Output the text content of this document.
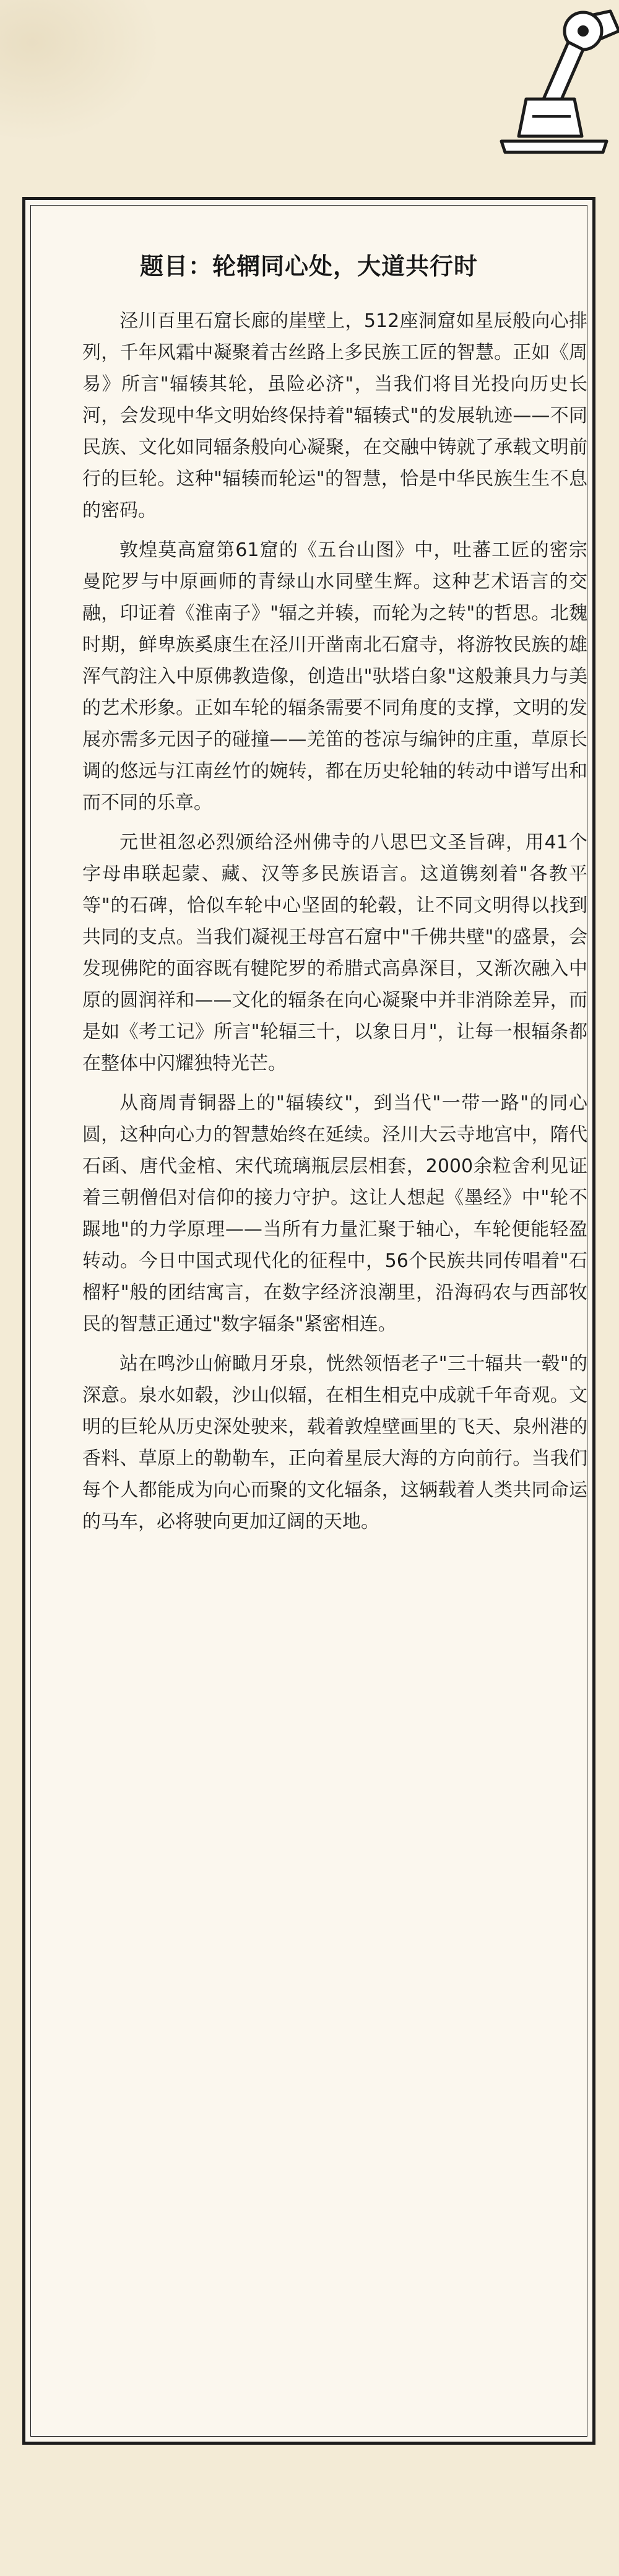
题目：轮辋同心处，大道共行时

泾川百里石窟长廊的崖壁上，512座洞窟如星辰般向心排列，千年风霜中凝聚着古丝路上多民族工匠的智慧。正如《周易》所言"辐辏其轮，虽险必济"，当我们将目光投向历史长河，会发现中华文明始终保持着"辐辏式"的发展轨迹——不同民族、文化如同辐条般向心凝聚，在交融中铸就了承载文明前行的巨轮。这种"辐辏而轮运"的智慧，恰是中华民族生生不息的密码。

敦煌莫高窟第61窟的《五台山图》中，吐蕃工匠的密宗曼陀罗与中原画师的青绿山水同壁生辉。这种艺术语言的交融，印证着《淮南子》"辐之并辏，而轮为之转"的哲思。北魏时期，鲜卑族奚康生在泾川开凿南北石窟寺，将游牧民族的雄浑气韵注入中原佛教造像，创造出"驮塔白象"这般兼具力与美的艺术形象。正如车轮的辐条需要不同角度的支撑，文明的发展亦需多元因子的碰撞——羌笛的苍凉与编钟的庄重，草原长调的悠远与江南丝竹的婉转，都在历史轮轴的转动中谱写出和而不同的乐章。

元世祖忽必烈颁给泾州佛寺的八思巴文圣旨碑，用41个字母串联起蒙、藏、汉等多民族语言。这道镌刻着"各教平等"的石碑，恰似车轮中心坚固的轮毂，让不同文明得以找到共同的支点。当我们凝视王母宫石窟中"千佛共壁"的盛景，会发现佛陀的面容既有犍陀罗的希腊式高鼻深目，又渐次融入中原的圆润祥和——文化的辐条在向心凝聚中并非消除差异，而是如《考工记》所言"轮辐三十，以象日月"，让每一根辐条都在整体中闪耀独特光芒。

从商周青铜器上的"辐辏纹"，到当代"一带一路"的同心圆，这种向心力的智慧始终在延续。泾川大云寺地宫中，隋代石函、唐代金棺、宋代琉璃瓶层层相套，2000余粒舍利见证着三朝僧侣对信仰的接力守护。这让人想起《墨经》中"轮不蹍地"的力学原理——当所有力量汇聚于轴心，车轮便能轻盈转动。今日中国式现代化的征程中，56个民族共同传唱着"石榴籽"般的团结寓言，在数字经济浪潮里，沿海码农与西部牧民的智慧正通过"数字辐条"紧密相连。

站在鸣沙山俯瞰月牙泉，恍然领悟老子"三十辐共一毂"的深意。泉水如毂，沙山似辐，在相生相克中成就千年奇观。文明的巨轮从历史深处驶来，载着敦煌壁画里的飞天、泉州港的香料、草原上的勒勒车，正向着星辰大海的方向前行。当我们每个人都能成为向心而聚的文化辐条，这辆载着人类共同命运的马车，必将驶向更加辽阔的天地。
